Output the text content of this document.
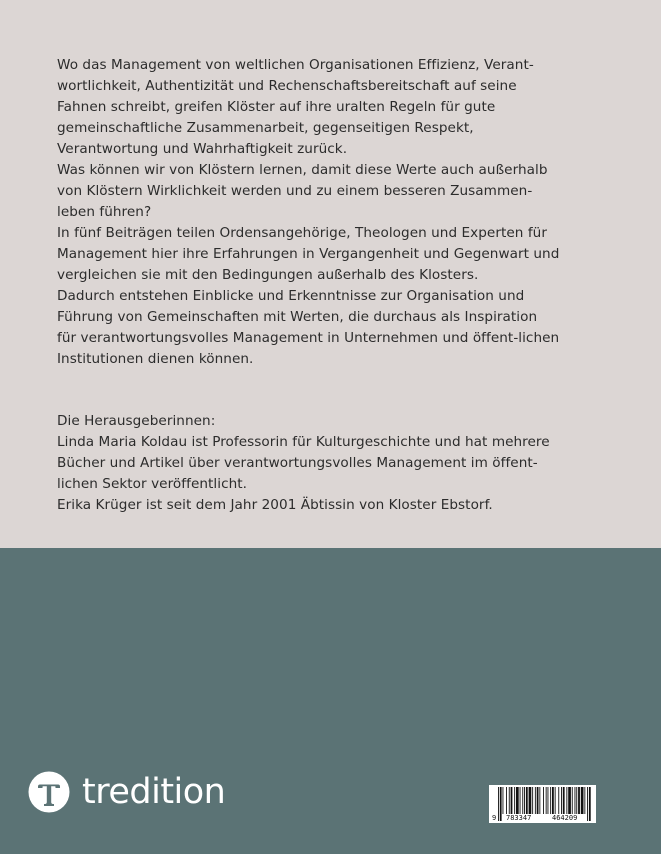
Wo das Management von weltlichen Organisationen Effizienz, Verant-
wortlichkeit, Authentizität und Rechenschaftsbereitschaft auf seine
Fahnen schreibt, greifen Klöster auf ihre uralten Regeln für gute
gemeinschaftliche Zusammenarbeit, gegenseitigen Respekt,
Verantwortung und Wahrhaftigkeit zurück.
Was können wir von Klöstern lernen, damit diese Werte auch außerhalb
von Klöstern Wirklichkeit werden und zu einem besseren Zusammen-
leben führen?
In fünf Beiträgen teilen Ordensangehörige, Theologen und Experten für
Management hier ihre Erfahrungen in Vergangenheit und Gegenwart und
vergleichen sie mit den Bedingungen außerhalb des Klosters.
Dadurch entstehen Einblicke und Erkenntnisse zur Organisation und
Führung von Gemeinschaften mit Werten, die durchaus als Inspiration
für verantwortungsvolles Management in Unternehmen und öffent-lichen
Institutionen dienen können.
Die Herausgeberinnen:
Linda Maria Koldau ist Professorin für Kulturgeschichte und hat mehrere
Bücher und Artikel über verantwortungsvolles Management im öffent-
lichen Sektor veröffentlicht.
Erika Krüger ist seit dem Jahr 2001 Äbtissin von Kloster Ebstorf.
tredition
9 783347	464209
